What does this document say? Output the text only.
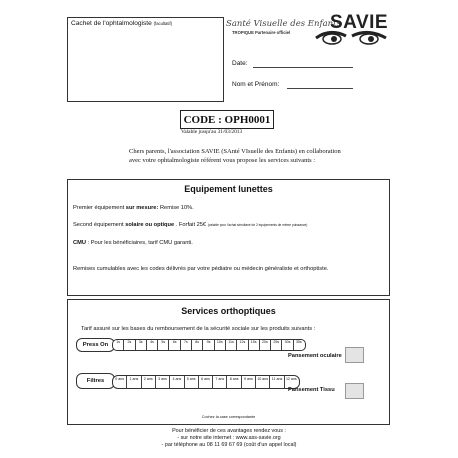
Cachet de l'ophtalmologiste (facultatif)	Santé Visuelle des Enfants
TROPIQUE Partenaire officiel SAVIE
Date:
Nom et Prénom:
CODE : OPH0001
Valable jusqu'au 31/03/2013
Chers parents, l'association SAVIE (SAnté VIsuelle des Enfants) en collaboration avec votre ophtalmologiste référent vous propose les services suivants :
Equipement lunettes
Premier équipement sur mesure: Remise 10%.
Second équipement solaire ou optique . Forfait 25€ (valable pour l'achat simultané de 2 équipements de même puissance)
CMU : Pour les bénéficiaires, tarif CMU garanti.
Remises cumulables avec les codes délivrés par votre pédiatre ou médecin généraliste et orthoptiste.
Services orthoptiques
Tarif assuré sur les bases du remboursement de la sécurité sociale sur les produits suivants :
Press On	1s	2s	3s	4s	5s	6s	7s	8s	9s	10s	11s	12s	15s	20s	25s	30s	35s
Filtres	0 ans	1 ans	2 ans	3 ans	4 ans	5 ans	6 ans	7 ans	8 ans	9 ans	10 ans	11 ans	12 ans
Pansement oculaire
Pansement Tissu
Cochez la case correspondante
Pour bénéficier de ces avantages rendez vous :
- sur notre site internet : www.ass-savie.org
- par téléphone au 08 11 69 67 69 (coût d'un appel local)
